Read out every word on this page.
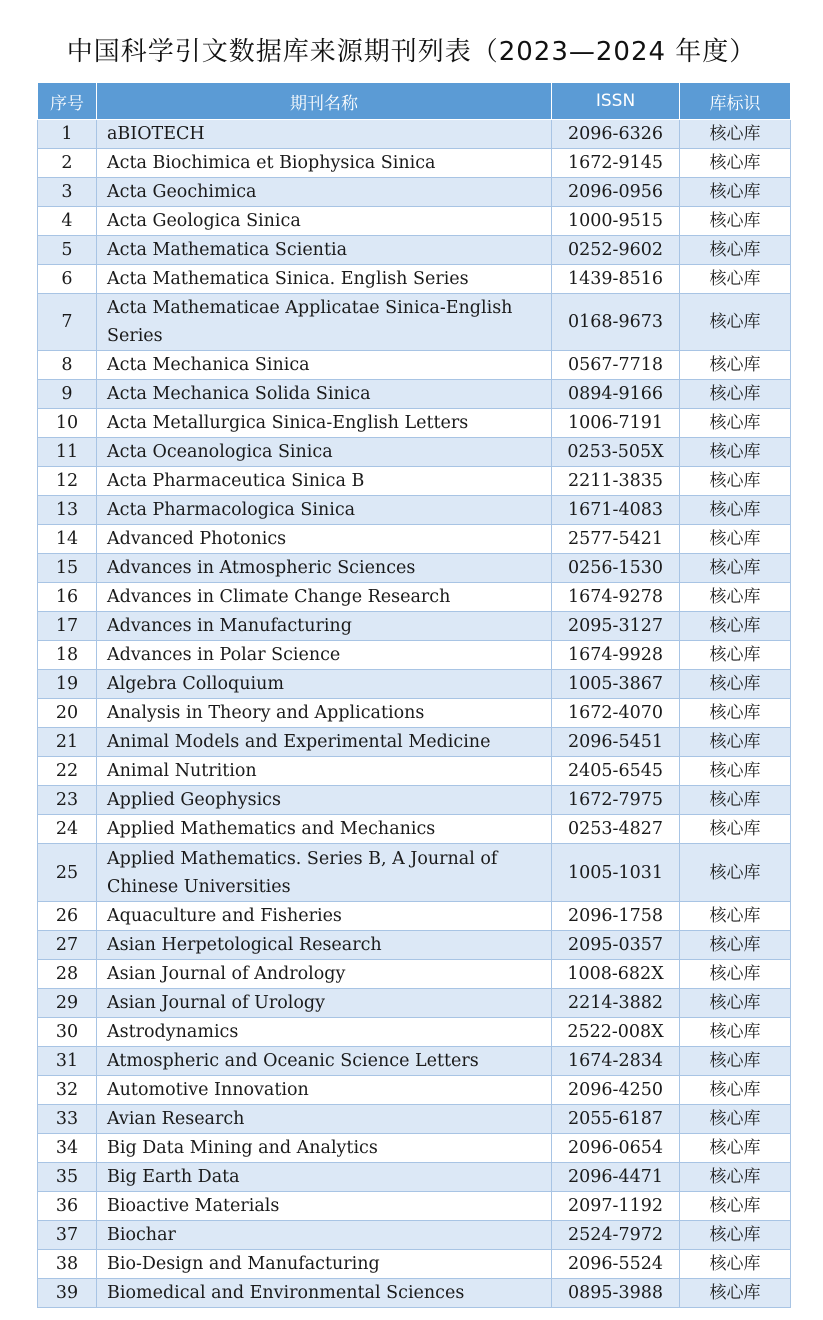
中国科学引文数据库来源期刊列表（2023—2024 年度）
序号	期刊名称	ISSN	库标识
1	aBIOTECH	2096-6326	核心库
2	Acta Biochimica et Biophysica Sinica	1672-9145	核心库
3	Acta Geochimica	2096-0956	核心库
4	Acta Geologica Sinica	1000-9515	核心库
5	Acta Mathematica Scientia	0252-9602	核心库
6	Acta Mathematica Sinica. English Series	1439-8516	核心库
7	Acta Mathematicae Applicatae Sinica-English Series	0168-9673	核心库
8	Acta Mechanica Sinica	0567-7718	核心库
9	Acta Mechanica Solida Sinica	0894-9166	核心库
10	Acta Metallurgica Sinica-English Letters	1006-7191	核心库
11	Acta Oceanologica Sinica	0253-505X	核心库
12	Acta Pharmaceutica Sinica B	2211-3835	核心库
13	Acta Pharmacologica Sinica	1671-4083	核心库
14	Advanced Photonics	2577-5421	核心库
15	Advances in Atmospheric Sciences	0256-1530	核心库
16	Advances in Climate Change Research	1674-9278	核心库
17	Advances in Manufacturing	2095-3127	核心库
18	Advances in Polar Science	1674-9928	核心库
19	Algebra Colloquium	1005-3867	核心库
20	Analysis in Theory and Applications	1672-4070	核心库
21	Animal Models and Experimental Medicine	2096-5451	核心库
22	Animal Nutrition	2405-6545	核心库
23	Applied Geophysics	1672-7975	核心库
24	Applied Mathematics and Mechanics	0253-4827	核心库
25	Applied Mathematics. Series B, A Journal of Chinese Universities	1005-1031	核心库
26	Aquaculture and Fisheries	2096-1758	核心库
27	Asian Herpetological Research	2095-0357	核心库
28	Asian Journal of Andrology	1008-682X	核心库
29	Asian Journal of Urology	2214-3882	核心库
30	Astrodynamics	2522-008X	核心库
31	Atmospheric and Oceanic Science Letters	1674-2834	核心库
32	Automotive Innovation	2096-4250	核心库
33	Avian Research	2055-6187	核心库
34	Big Data Mining and Analytics	2096-0654	核心库
35	Big Earth Data	2096-4471	核心库
36	Bioactive Materials	2097-1192	核心库
37	Biochar	2524-7972	核心库
38	Bio-Design and Manufacturing	2096-5524	核心库
39	Biomedical and Environmental Sciences	0895-3988	核心库
